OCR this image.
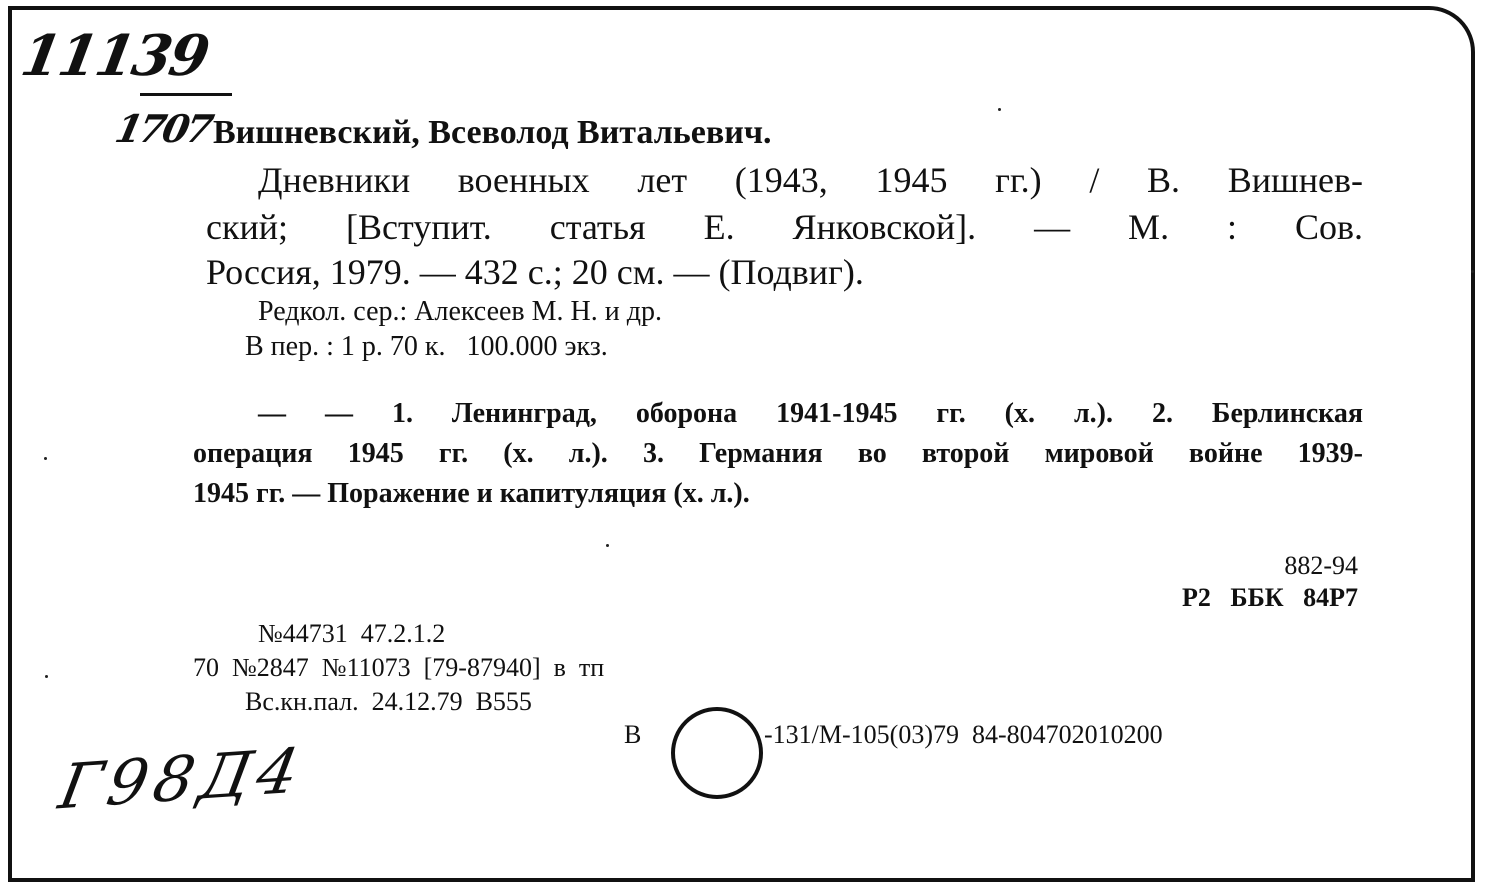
11139
1707
Вишневский, Всеволод Витальевич.
Дневники военных лет (1943, 1945 гг.) / В. Вишнев-
ский; [Вступит. статья Е. Янковской]. — М. : Сов.
Россия, 1979. — 432 с.; 20 см. — (Подвиг).
Редкол. сер.: Алексеев М. Н. и др.
В пер. : 1 р. 70 к.   100.000 экз.
— — 1. Ленинград, оборона 1941-1945 гг. (х. л.). 2. Берлинская
операция 1945 гг. (х. л.). 3. Германия во второй мировой войне 1939-
1945 гг. — Поражение и капитуляция (х. л.).
882-94
Р2   ББК   84Р7
№44731  47.2.1.2
70  №2847  №11073  [79-87940]  в  тп
Вс.кн.пал.  24.12.79  В555
В	-131/М-105(03)79  84-804702010200
Г98Д4
